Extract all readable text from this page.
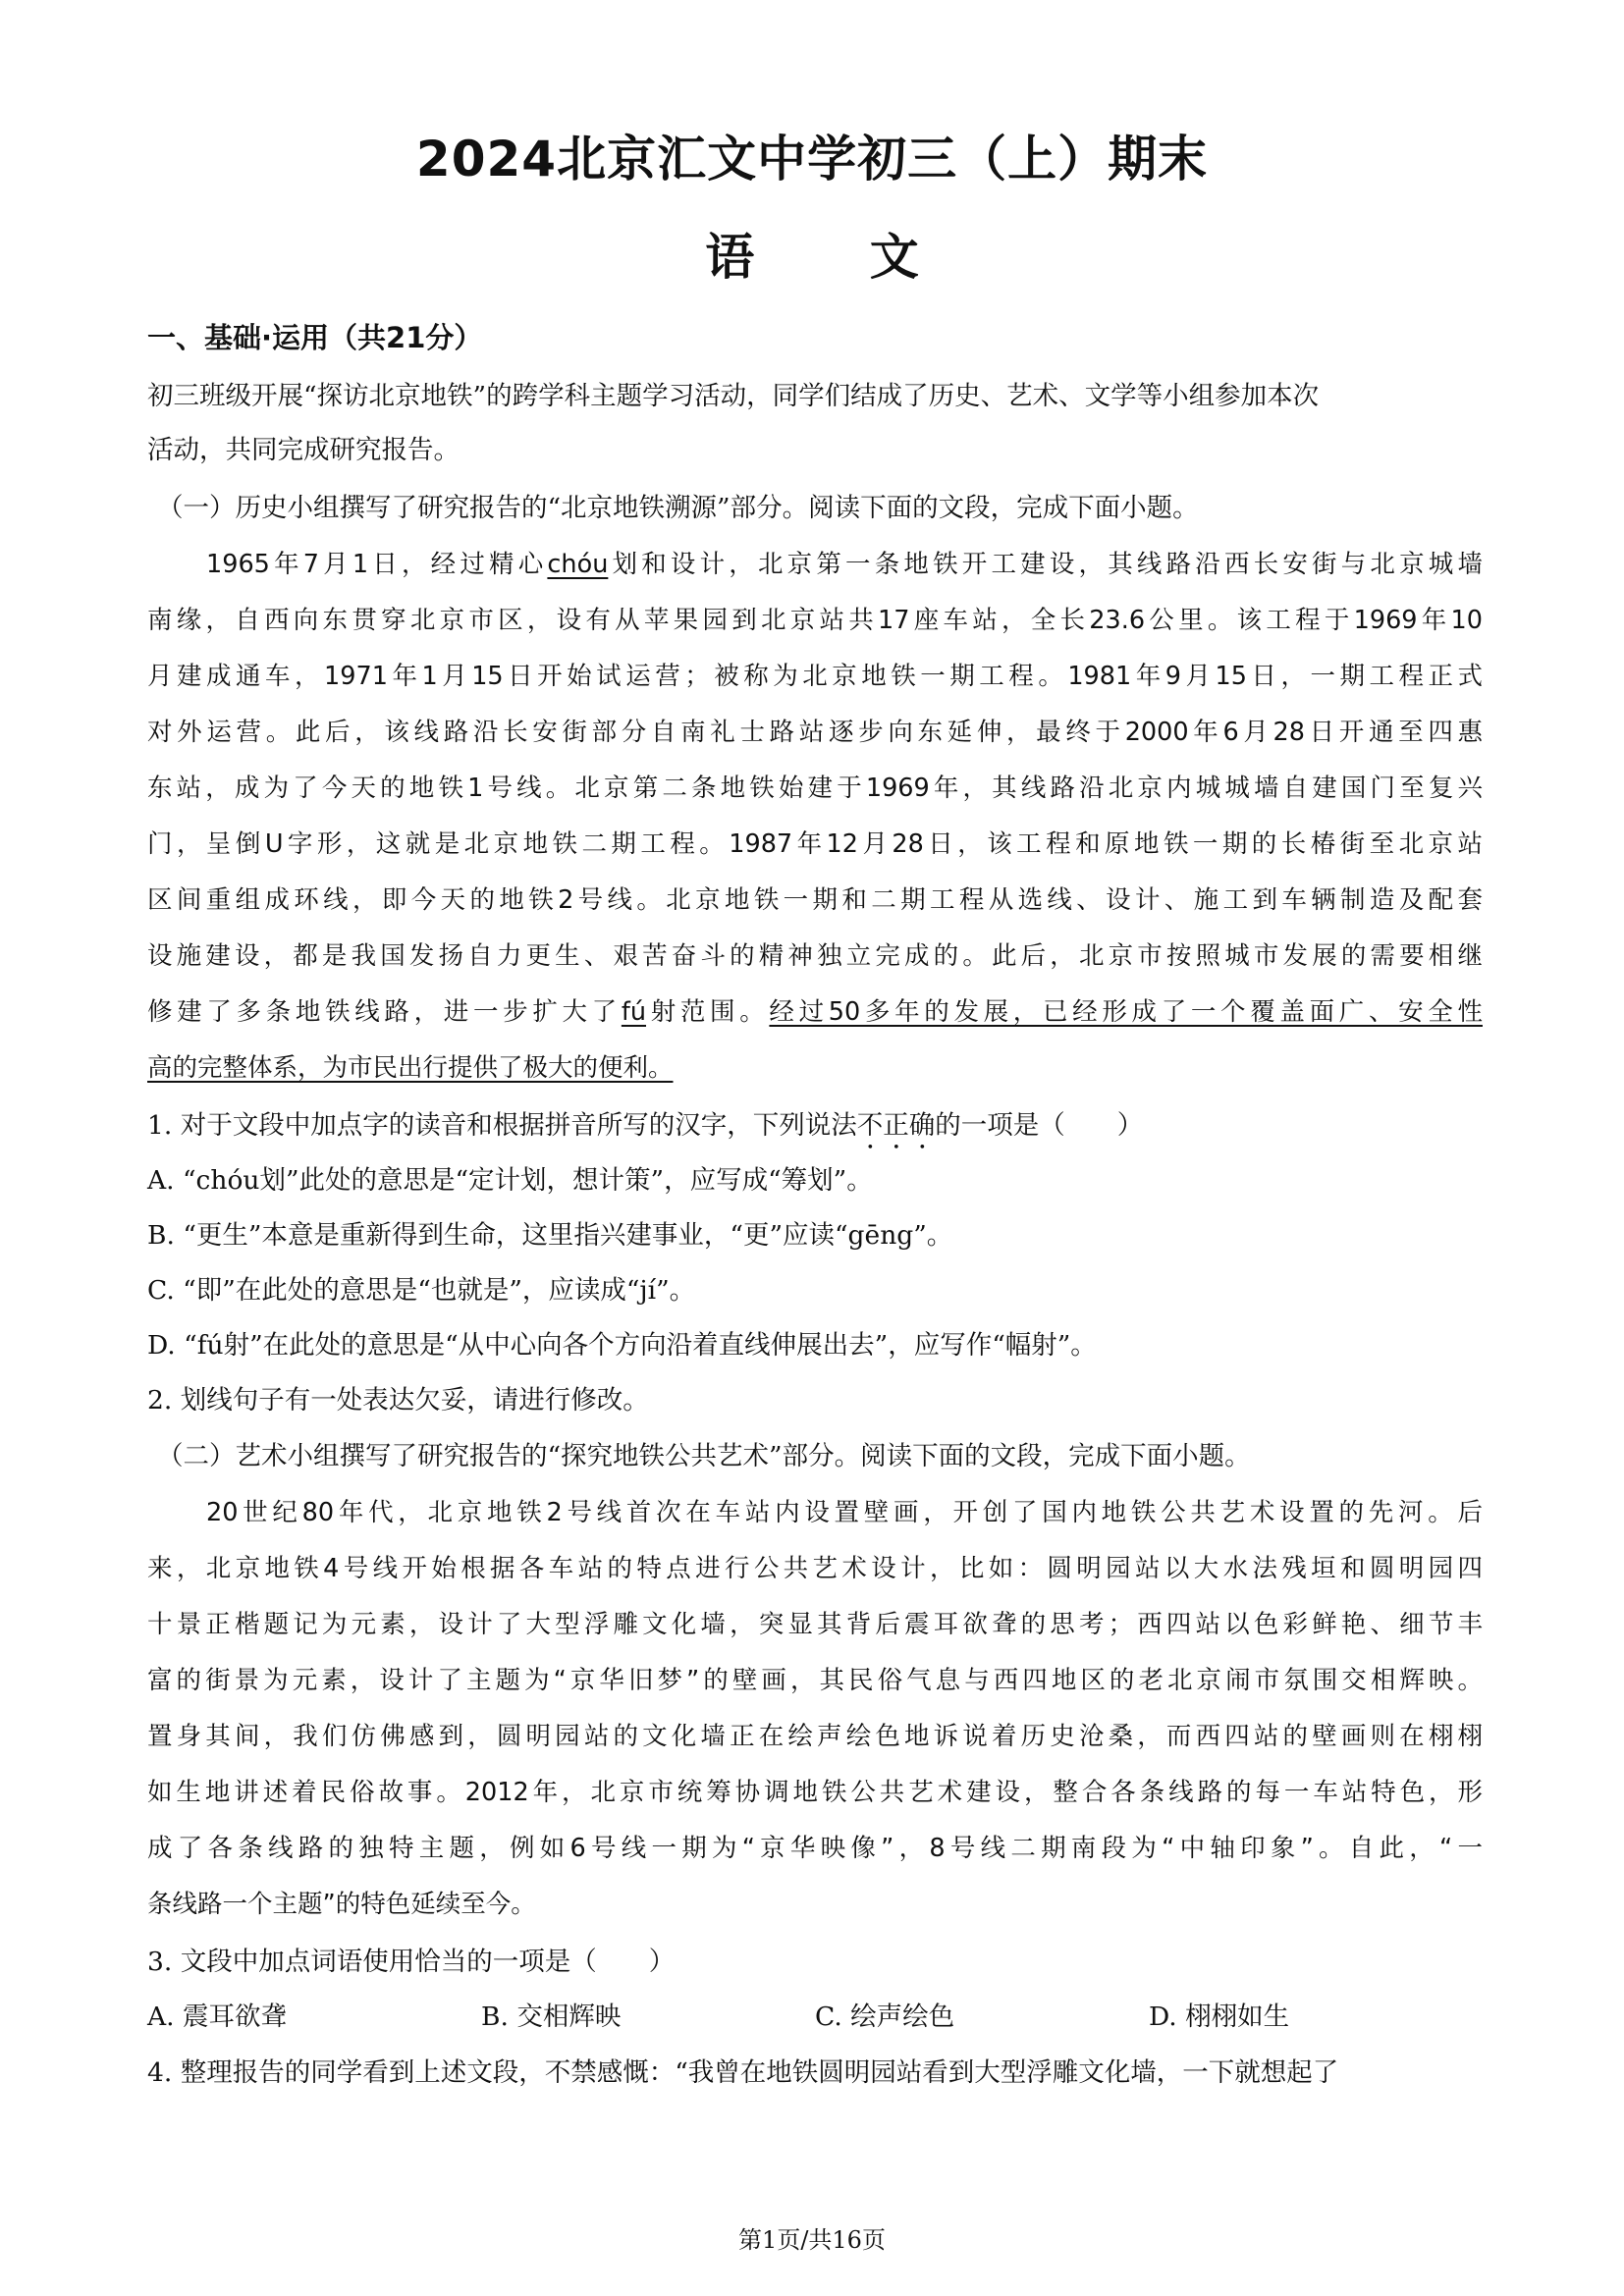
2024北京汇文中学初三（上）期末
语 文
一、基础·运用（共21分）
初三班级开展“探访北京地铁”的跨学科主题学习活动，同学们结成了历史、艺术、文学等小组参加本次
活动，共同完成研究报告。
（一）历史小组撰写了研究报告的“北京地铁溯源”部分。阅读下面的文段，完成下面小题。
1965年7月1日，经过精心chóu划和设计，北京第一条地铁开工建设，其线路沿西长安街与北京城墙
南缘，自西向东贯穿北京市区，设有从苹果园到北京站共17座车站，全长23.6公里。该工程于1969年10
月建成通车，1971年1月15日开始试运营；被称为北京地铁一期工程。1981年9月15日，一期工程正式
对外运营。此后，该线路沿长安街部分自南礼士路站逐步向东延伸，最终于2000年6月28日开通至四惠
东站，成为了今天的地铁1号线。北京第二条地铁始建于1969年，其线路沿北京内城城墙自建国门至复兴
门，呈倒U字形，这就是北京地铁二期工程。1987年12月28日，该工程和原地铁一期的长椿街至北京站
区间重组成环线，即今天的地铁2号线。北京地铁一期和二期工程从选线、设计、施工到车辆制造及配套
设施建设，都是我国发扬自力更生、艰苦奋斗的精神独立完成的。此后，北京市按照城市发展的需要相继
修建了多条地铁线路，进一步扩大了fú射范围。经过50多年的发展，已经形成了一个覆盖面广、安全性
高的完整体系，为市民出行提供了极大的便利。
1. 对于文段中加点字的读音和根据拼音所写的汉字，下列说法不正确的一项是（　　）
A. “chóu划”此处的意思是“定计划，想计策”，应写成“筹划”。
B. “更生”本意是重新得到生命，这里指兴建事业，“更”应读“gēng”。
C. “即”在此处的意思是“也就是”，应读成“jí”。
D. “fú射”在此处的意思是“从中心向各个方向沿着直线伸展出去”，应写作“幅射”。
2. 划线句子有一处表达欠妥，请进行修改。
（二）艺术小组撰写了研究报告的“探究地铁公共艺术”部分。阅读下面的文段，完成下面小题。
20世纪80年代，北京地铁2号线首次在车站内设置壁画，开创了国内地铁公共艺术设置的先河。后
来，北京地铁4号线开始根据各车站的特点进行公共艺术设计，比如：圆明园站以大水法残垣和圆明园四
十景正楷题记为元素，设计了大型浮雕文化墙，突显其背后震耳欲聋的思考；西四站以色彩鲜艳、细节丰
富的街景为元素，设计了主题为“京华旧梦”的壁画，其民俗气息与西四地区的老北京闹市氛围交相辉映。
置身其间，我们仿佛感到，圆明园站的文化墙正在绘声绘色地诉说着历史沧桑，而西四站的壁画则在栩栩
如生地讲述着民俗故事。2012年，北京市统筹协调地铁公共艺术建设，整合各条线路的每一车站特色，形
成了各条线路的独特主题，例如6号线一期为“京华映像”，8号线二期南段为“中轴印象”。自此，“一
条线路一个主题”的特色延续至今。
3. 文段中加点词语使用恰当的一项是（　　）
A. 震耳欲聋	B. 交相辉映	C. 绘声绘色	D. 栩栩如生
4. 整理报告的同学看到上述文段，不禁感慨：“我曾在地铁圆明园站看到大型浮雕文化墙，一下就想起了
第1页/共16页
